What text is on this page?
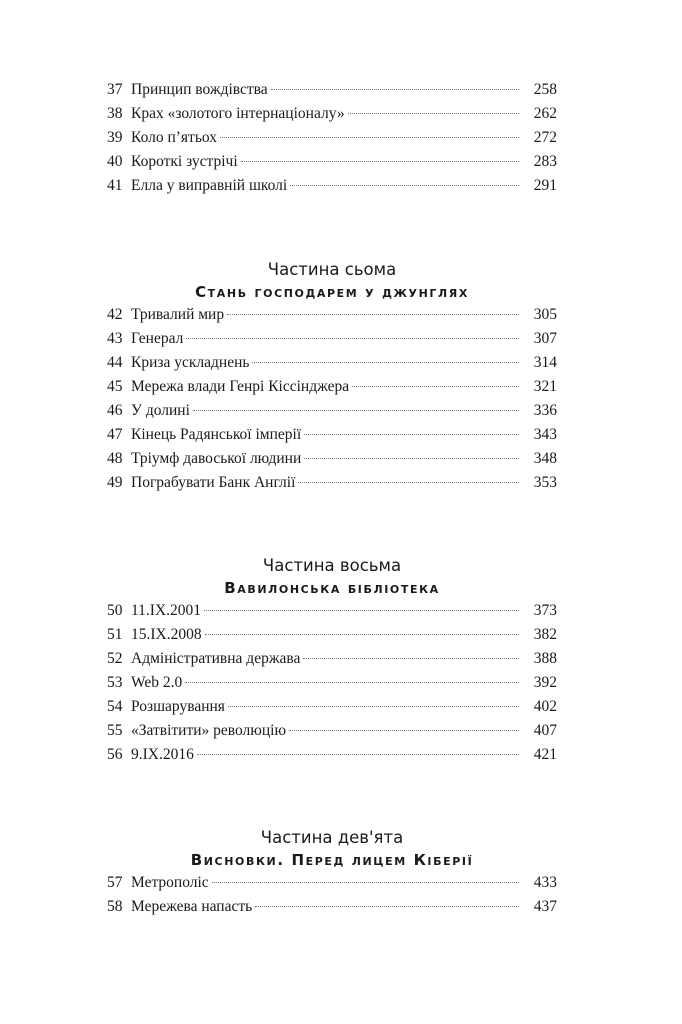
37 Принцип вождівства	258
38 Крах «золотого інтернаціоналу»	262
39 Коло п’ятьох	272
40 Короткі зустрічі	283
41 Елла у виправній школі	291
Частина сьома
Стань господарем у джунглях
42 Тривалий мир	305
43 Генерал	307
44 Криза ускладнень	314
45 Мережа влади Генрі Кіссінджера	321
46 У долині	336
47 Кінець Радянської імперії	343
48 Тріумф давоської людини	348
49 Пограбувати Банк Англії	353
Частина восьма
Вавилонська бібліотека
50 11.IX.2001	373
51 15.IX.2008	382
52 Адміністративна держава	388
53 Web 2.0	392
54 Розшарування	402
55 «Затвітити» революцію	407
56 9.IX.2016	421
Частина дев'ята
Висновки. Перед лицем Кіберії
57 Метрополіс	433
58 Мережева напасть	437
